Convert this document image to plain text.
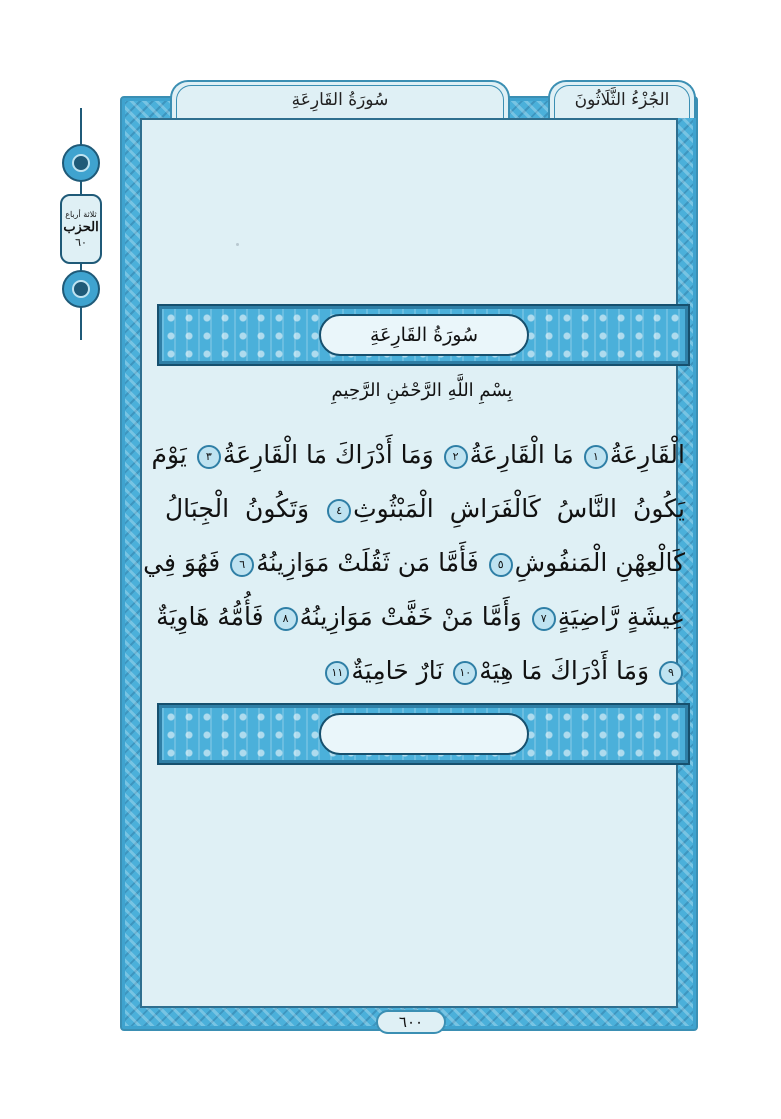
ثلاثة أرباع
الحزب
٦٠
سُورَةُ القَارِعَةِ	الجُزْءُ الثَّلَاثُونَ
سُورَةُ القَارِعَةِ
بِسْمِ اللَّهِ الرَّحْمَٰنِ الرَّحِيمِ
الْقَارِعَةُ١ مَا الْقَارِعَةُ٢ وَمَا أَدْرَاكَ مَا الْقَارِعَةُ٣ يَوْمَ
يَكُونُ النَّاسُ كَالْفَرَاشِ الْمَبْثُوثِ٤ وَتَكُونُ الْجِبَالُ
كَالْعِهْنِ الْمَنفُوشِ٥ فَأَمَّا مَن ثَقُلَتْ مَوَازِينُهُ٦ فَهُوَ فِي
عِيشَةٍ رَّاضِيَةٍ٧ وَأَمَّا مَنْ خَفَّتْ مَوَازِينُهُ٨ فَأُمُّهُ هَاوِيَةٌ
٩ وَمَا أَدْرَاكَ مَا هِيَهْ١٠ نَارٌ حَامِيَةٌ١١
٦٠٠
